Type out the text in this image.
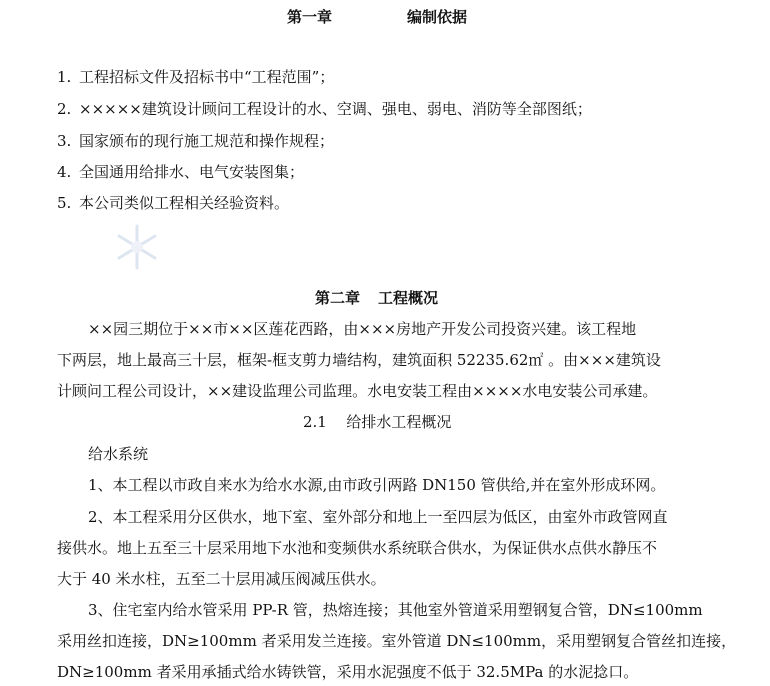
第一章	编制依据
1. 工程招标文件及招标书中“工程范围”；
2. ×××××建筑设计顾问工程设计的水、空调、强电、弱电、消防等全部图纸；
3. 国家颁布的现行施工规范和操作规程；
4. 全国通用给排水、电气安装图集；
5. 本公司类似工程相关经验资料。
第二章 工程概况
××园三期位于××市××区莲花西路，由×××房地产开发公司投资兴建。该工程地
下两层，地上最高三十层，框架-框支剪力墙结构，建筑面积 52235.62㎡ 。由×××建筑设
计顾问工程公司设计，××建设监理公司监理。水电安装工程由××××水电安装公司承建。
2.1 给排水工程概况
给水系统
1、本工程以市政自来水为给水水源,由市政引两路 DN150 管供给,并在室外形成环网。
2、本工程采用分区供水，地下室、室外部分和地上一至四层为低区，由室外市政管网直
接供水。地上五至三十层采用地下水池和变频供水系统联合供水，为保证供水点供水静压不
大于 40 米水柱，五至二十层用减压阀减压供水。
3、住宅室内给水管采用 PP-R 管，热熔连接；其他室外管道采用塑钢复合管，DN≤100mm
采用丝扣连接，DN≥100mm 者采用发兰连接。室外管道 DN≤100mm，采用塑钢复合管丝扣连接，
DN≥100mm 者采用承插式给水铸铁管，采用水泥强度不低于 32.5MPa 的水泥捻口。
